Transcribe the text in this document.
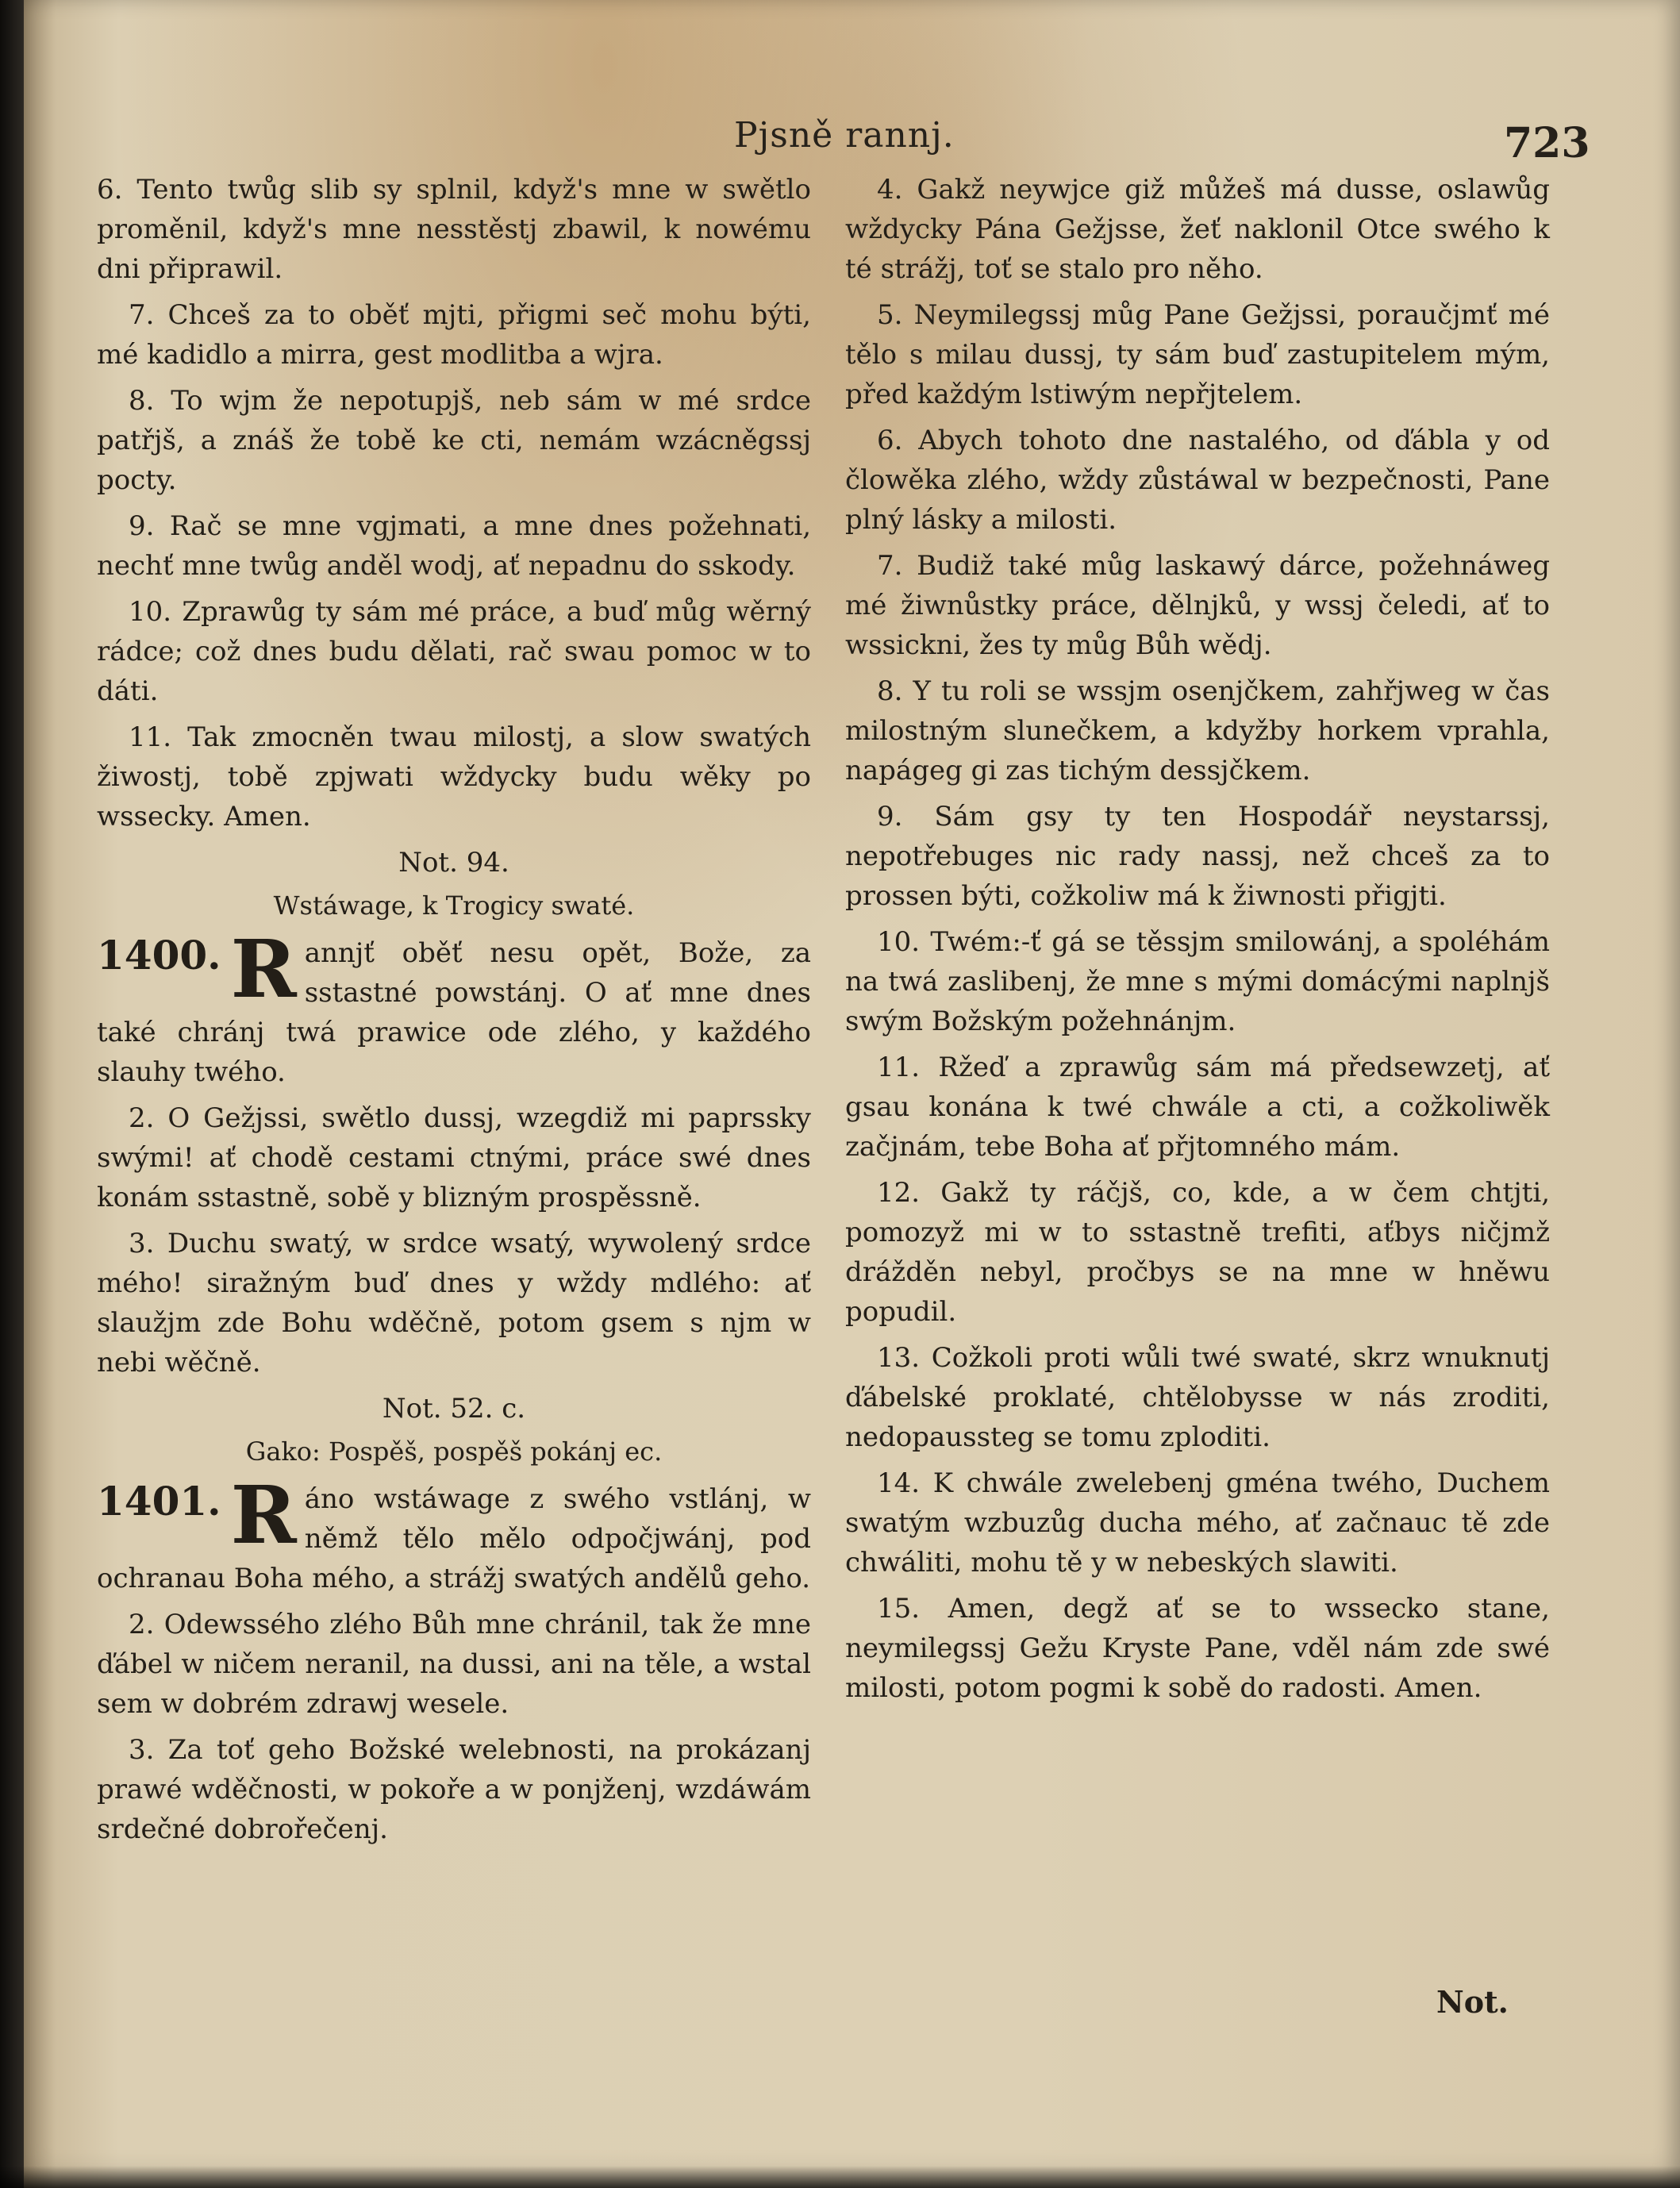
Pjsně rannj.	723

6. Tento twůg slib sy splnil, když's mne w swětlo proměnil, když's mne nesstěstj zbawil, k nowému dni připrawil.

7. Chceš za to oběť mjti, přigmi seč mohu býti, mé kadidlo a mirra, gest modlitba a wjra.

8. To wjm že nepotupjš, neb sám w mé srdce patřjš, a znáš že tobě ke cti, nemám wzácněgssj pocty.

9. Rač se mne vgjmati, a mne dnes požehnati, nechť mne twůg anděl wodj, ať nepadnu do sskody.

10. Zprawůg ty sám mé práce, a buď můg wěrný rádce; což dnes budu dělati, rač swau pomoc w to dáti.

11. Tak zmocněn twau milostj, a slow swatých žiwostj, tobě zpjwati wždycky budu wěky po wssecky. Amen.

Not. 94.
Wstáwage, k Trogicy swaté.
1400. R annjť oběť nesu opět, Bože, za sstastné powstánj. O ať mne dnes také chránj twá prawice ode zlého, y každého slauhy twého.

2. O Gežjssi, swětlo dussj, wzegdiž mi paprssky swými! ať chodě cestami ctnými, práce swé dnes konám sstastně, sobě y blizným prospěssně.

3. Duchu swatý, w srdce wsatý, wywolený srdce mého! siražným buď dnes y wždy mdlého: ať slaužjm zde Bohu wděčně, potom gsem s njm w nebi wěčně.

Not. 52. c.
Gako: Pospěš, pospěš pokánj ec.
1401. R áno wstáwage z swého vstlánj, w němž tělo mělo odpočjwánj, pod ochranau Boha mého, a strážj swatých andělů geho.

2. Odewssého zlého Bůh mne chránil, tak že mne ďábel w ničem neranil, na dussi, ani na těle, a wstal sem w dobrém zdrawj wesele.

3. Za toť geho Božské welebnosti, na prokázanj prawé wděčnosti, w pokoře a w ponjženj, wzdáwám srdečné dobrořečenj.

4. Gakž neywjce giž můžeš má dusse, oslawůg wždycky Pána Gežjsse, žeť naklonil Otce swého k té strážj, toť se stalo pro něho.

5. Neymilegssj můg Pane Gežjssi, poraučjmť mé tělo s milau dussj, ty sám buď zastupitelem mým, před každým lstiwým nepřjtelem.

6. Abych tohoto dne nastalého, od ďábla y od člowěka zlého, wždy zůstáwal w bezpečnosti, Pane plný lásky a milosti.

7. Budiž také můg laskawý dárce, požehnáweg mé žiwnůstky práce, dělnjků, y wssj čeledi, ať to wssickni, žes ty můg Bůh wědj.

8. Y tu roli se wssjm osenjčkem, zahřjweg w čas milostným slunečkem, a kdyžby horkem vprahla, napágeg gi zas tichým dessjčkem.

9. Sám gsy ty ten Hospodář neystarssj, nepotřebuges nic rady nassj, než chceš za to prossen býti, cožkoliw má k žiwnosti přigjti.

10. Twém:-ť gá se těssjm smilowánj, a spoléhám na twá zaslibenj, že mne s mými domácými naplnjš swým Božským požehnánjm.

11. Ržeď a zprawůg sám má předsewzetj, ať gsau konána k twé chwále a cti, a cožkoliwěk začjnám, tebe Boha ať přjtomného mám.

12. Gakž ty ráčjš, co, kde, a w čem chtjti, pomozyž mi w to sstastně trefiti, aťbys ničjmž drážděn nebyl, pročbys se na mne w hněwu popudil.

13. Cožkoli proti wůli twé swaté, skrz wnuknutj ďábelské proklaté, chtělobysse w nás zroditi, nedopaussteg se tomu zploditi.

14. K chwále zwelebenj gména twého, Duchem swatým wzbuzůg ducha mého, ať začnauc tě zde chwáliti, mohu tě y w nebeských slawiti.

15. Amen, degž ať se to wssecko stane, neymilegssj Gežu Kryste Pane, vděl nám zde swé milosti, potom pogmi k sobě do radosti. Amen.

Not.
